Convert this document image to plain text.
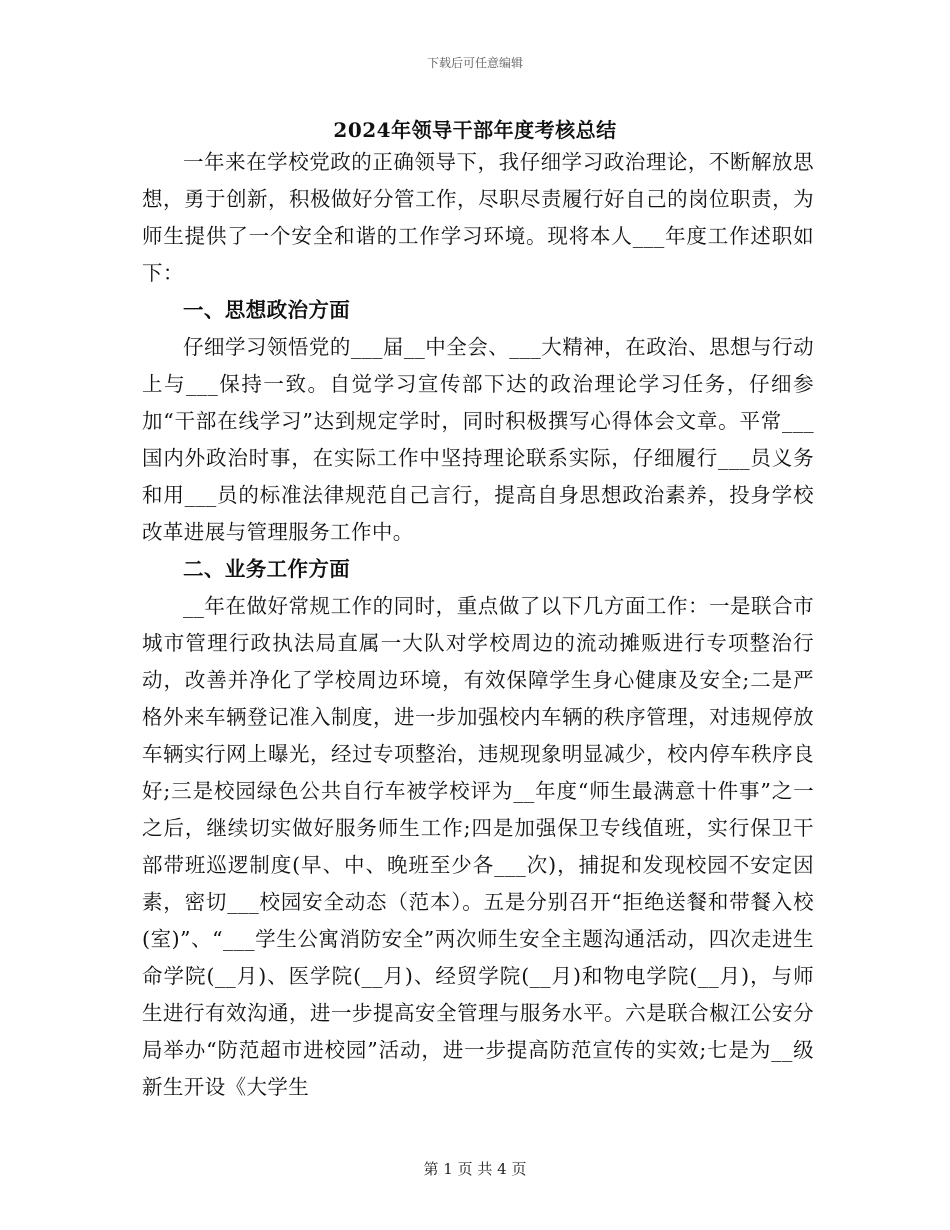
下载后可任意编辑
2024年领导干部年度考核总结

一年来在学校党政的正确领导下，我仔细学习政治理论，不断解放思想，勇于创新，积极做好分管工作，尽职尽责履行好自己的岗位职责，为师生提供了一个安全和谐的工作学习环境。现将本人___年度工作述职如下：

一、思想政治方面

仔细学习领悟党的___届__中全会、___大精神，在政治、思想与行动上与___保持一致。自觉学习宣传部下达的政治理论学习任务，仔细参加“干部在线学习”达到规定学时，同时积极撰写心得体会文章。平常___国内外政治时事，在实际工作中坚持理论联系实际，仔细履行___员义务和用___员的标准法律规范自己言行，提高自身思想政治素养，投身学校改革进展与管理服务工作中。

二、业务工作方面

__年在做好常规工作的同时，重点做了以下几方面工作：一是联合市城市管理行政执法局直属一大队对学校周边的流动摊贩进行专项整治行动，改善并净化了学校周边环境，有效保障学生身心健康及安全;二是严格外来车辆登记准入制度，进一步加强校内车辆的秩序管理，对违规停放车辆实行网上曝光，经过专项整治，违规现象明显减少，校内停车秩序良好;三是校园绿色公共自行车被学校评为__年度“师生最满意十件事”之一之后，继续切实做好服务师生工作;四是加强保卫专线值班，实行保卫干部带班巡逻制度(早、中、晚班至少各___次)，捕捉和发现校园不安定因素，密切___校园安全动态（范本）。五是分别召开“拒绝送餐和带餐入校(室)”、“___学生公寓消防安全”两次师生安全主题沟通活动，四次走进生命学院(__月)、医学院(__月)、经贸学院(__月)和物电学院(__月)，与师生进行有效沟通，进一步提高安全管理与服务水平。六是联合椒江公安分局举办“防范超市进校园”活动，进一步提高防范宣传的实效;七是为__级新生开设《大学生

第 1 页 共 4 页
